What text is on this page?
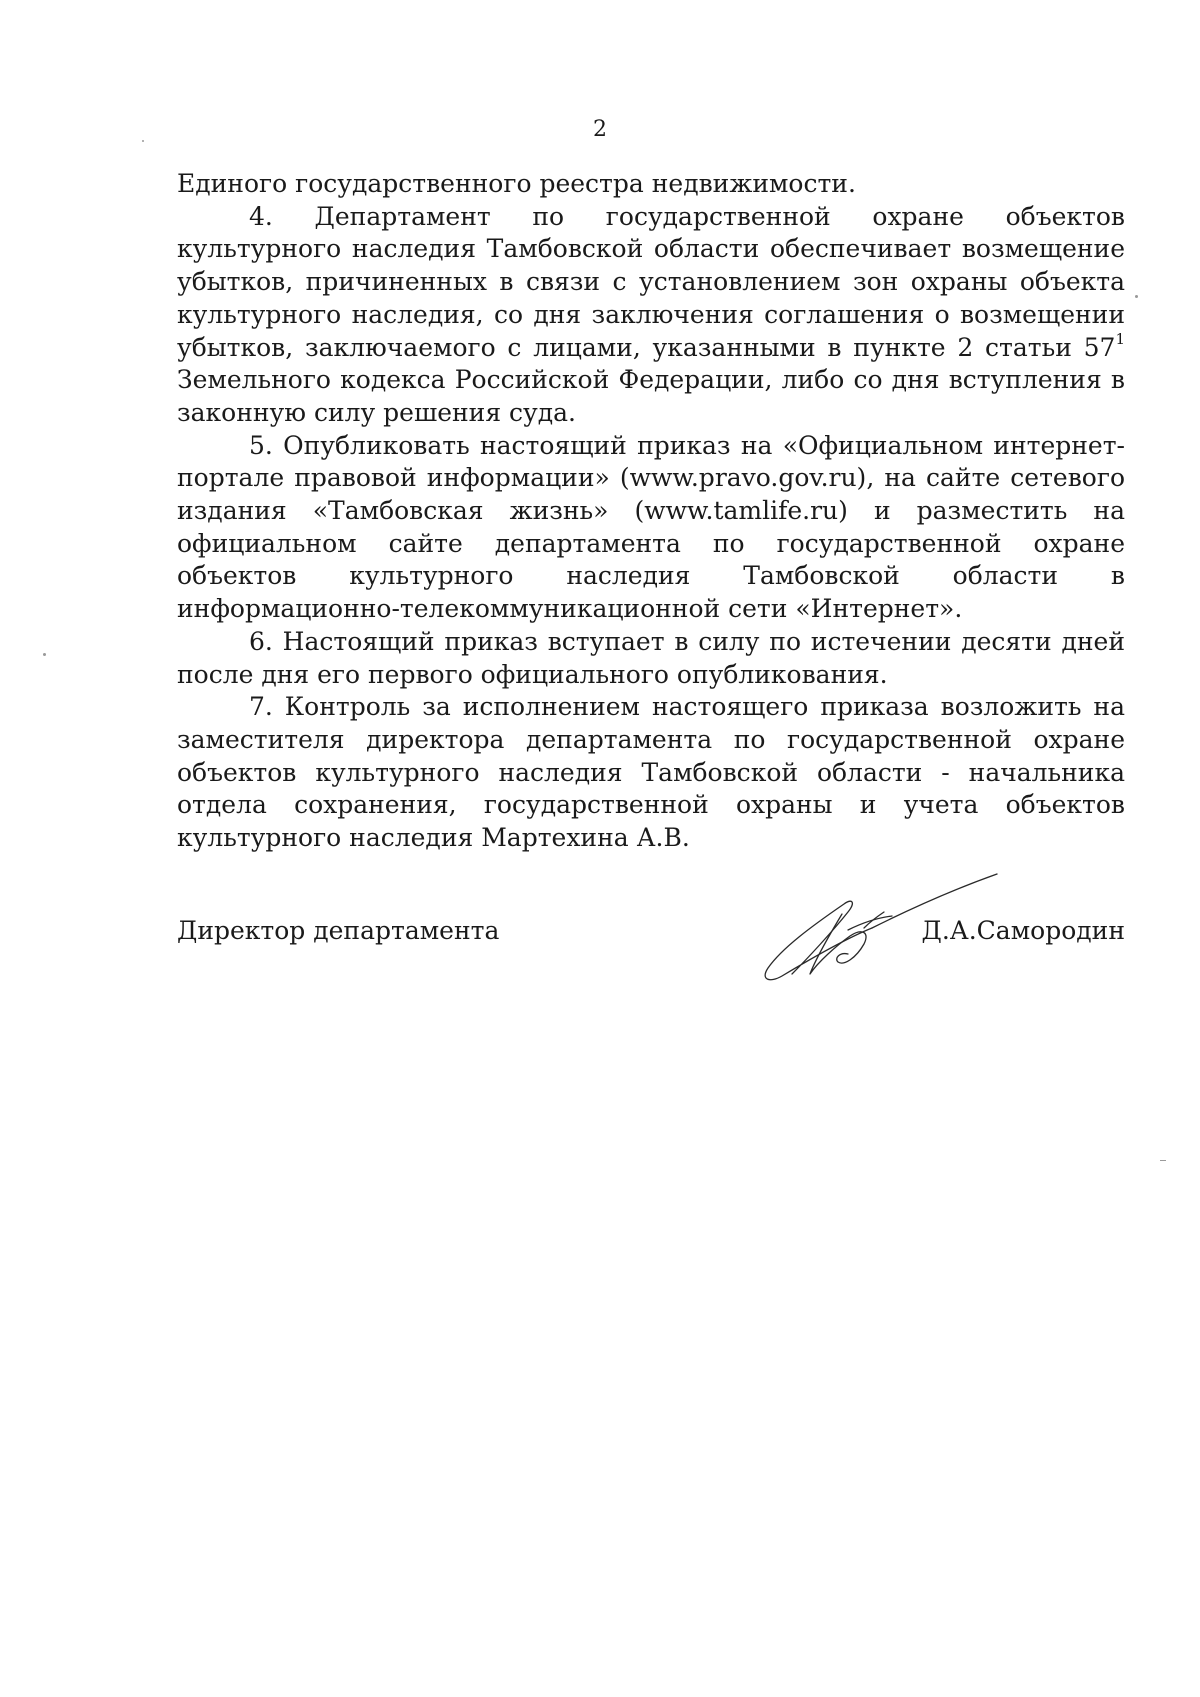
2

Единого государственного реестра недвижимости.

4. Департамент по государственной охране объектов культурного наследия Тамбовской области обеспечивает возмещение убытков, причиненных в связи с установлением зон охраны объекта культурного наследия, со дня заключения соглашения о возмещении убытков, заключаемого с лицами, указанными в пункте 2 статьи $57^1$ Земельного кодекса Российской Федерации, либо со дня вступления в законную силу решения суда.

5. Опубликовать настоящий приказ на «Официальном интернет-портале правовой информации» (www.pravo.gov.ru), на сайте сетевого издания «Тамбовская жизнь» (www.tamlife.ru) и разместить на официальном сайте департамента по государственной охране объектов культурного наследия Тамбовской области в информационно-телекоммуникационной сети «Интернет».

6. Настоящий приказ вступает в силу по истечении десяти дней после дня его первого официального опубликования.

7. Контроль за исполнением настоящего приказа возложить на заместителя директора департамента по государственной охране объектов культурного наследия Тамбовской области - начальника отдела сохранения, государственной охраны и учета объектов культурного наследия Мартехина А.В.

Директор департамента	Д.А.Самородин
